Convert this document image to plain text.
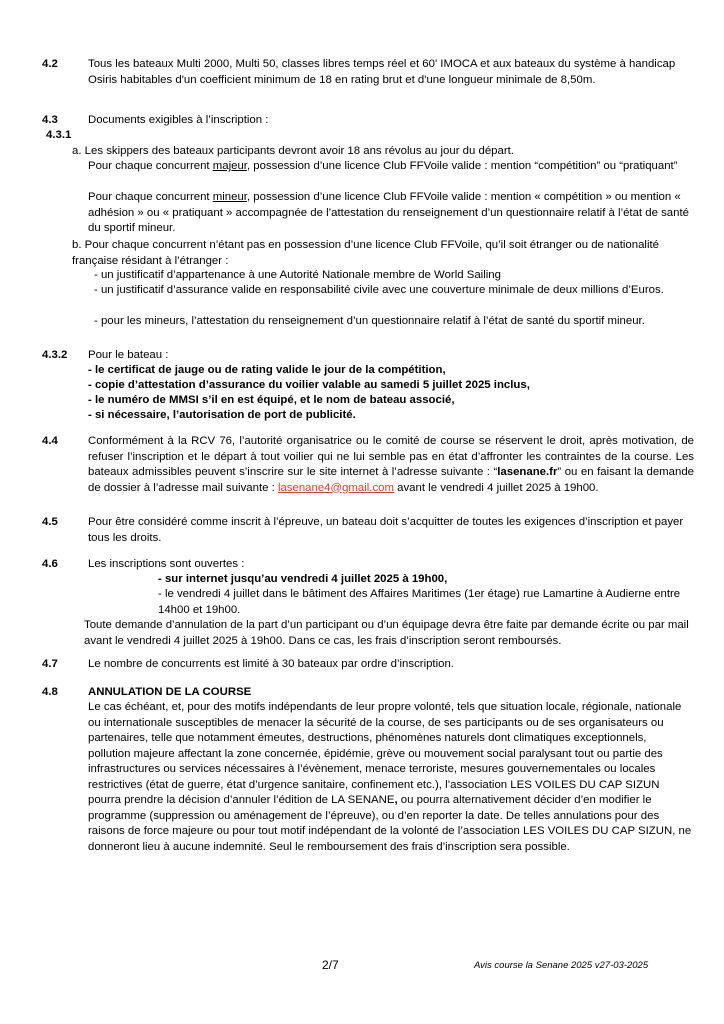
4.2	Tous les bateaux Multi 2000, Multi 50, classes libres temps réel et 60' IMOCA et aux bateaux du système à handicap Osiris habitables d'un coefficient minimum de 18 en rating brut et d'une longueur minimale de 8,50m.

4.3	Documents exigibles à l’inscription :

4.3.1

a. Les skippers des bateaux participants devront avoir 18 ans révolus au jour du départ.

Pour chaque concurrent majeur, possession d’une licence Club FFVoile valide : mention “compétition” ou “pratiquant”

Pour chaque concurrent mineur, possession d’une licence Club FFVoile valide : mention « compétition » ou mention « adhésion » ou « pratiquant » accompagnée de l’attestation du renseignement d’un questionnaire relatif à l’état de santé du sportif mineur.

b. Pour chaque concurrent n’étant pas en possession d’une licence Club FFVoile, qu’il soit étranger ou de nationalité française résidant à l’étranger :

- un justificatif d’appartenance à une Autorité Nationale membre de World Sailing

- un justificatif d’assurance valide en responsabilité civile avec une couverture minimale de deux millions d’Euros.

- pour les mineurs, l’attestation du renseignement d’un questionnaire relatif à l’état de santé du sportif mineur.

4.3.2 Pour le bateau :

- le certificat de jauge ou de rating valide le jour de la compétition,

- copie d’attestation d’assurance du voilier valable au samedi 5 juillet 2025 inclus,

- le numéro de MMSI s’il en est équipé, et le nom de bateau associé,

- si nécessaire, l’autorisation de port de publicité.

4.4	Conformément à la RCV 76, l’autorité organisatrice ou le comité de course se réservent le droit, après motivation, de refuser l’inscription et le départ à tout voilier qui ne lui semble pas en état d’affronter les contraintes de la course. Les bateaux admissibles peuvent s’inscrire sur le site internet à l’adresse suivante : “lasenane.fr” ou en faisant la demande de dossier à l’adresse mail suivante : lasenane4@gmail.com avant le vendredi 4 juillet 2025 à 19h00.

4.5	Pour être considéré comme inscrit à l’épreuve, un bateau doit s’acquitter de toutes les exigences d’inscription et payer tous les droits.

4.6	Les inscriptions sont ouvertes :

- sur internet jusqu’au vendredi 4 juillet 2025 à 19h00,

- le vendredi 4 juillet dans le bâtiment des Affaires Maritimes (1er étage) rue Lamartine à Audierne entre 14h00 et 19h00.

Toute demande d’annulation de la part d’un participant ou d’un équipage devra être faite par demande écrite ou par mail avant le vendredi 4 juillet 2025 à 19h00. Dans ce cas, les frais d’inscription seront remboursés.

4.7	Le nombre de concurrents est limité à 30 bateaux par ordre d’inscription.

4.8	ANNULATION DE LA COURSE

Le cas échéant, et, pour des motifs indépendants de leur propre volonté, tels que situation locale, régionale, nationale ou internationale susceptibles de menacer la sécurité de la course, de ses participants ou de ses organisateurs ou partenaires, telle que notamment émeutes, destructions, phénomènes naturels dont climatiques exceptionnels, pollution majeure affectant la zone concernée, épidémie, grève ou mouvement social paralysant tout ou partie des infrastructures ou services nécessaires à l’évènement, menace terroriste, mesures gouvernementales ou locales restrictives (état de guerre, état d’urgence sanitaire, confinement etc.), l’association LES VOILES DU CAP SIZUN pourra prendre la décision d’annuler l’édition de LA SENANE, ou pourra alternativement décider d’en modifier le programme (suppression ou aménagement de l’épreuve), ou d’en reporter la date. De telles annulations pour des raisons de force majeure ou pour tout motif indépendant de la volonté de l’association LES VOILES DU CAP SIZUN, ne donneront lieu à aucune indemnité. Seul le remboursement des frais d’inscription sera possible.

2/7	Avis course la Senane 2025 v27-03-2025
